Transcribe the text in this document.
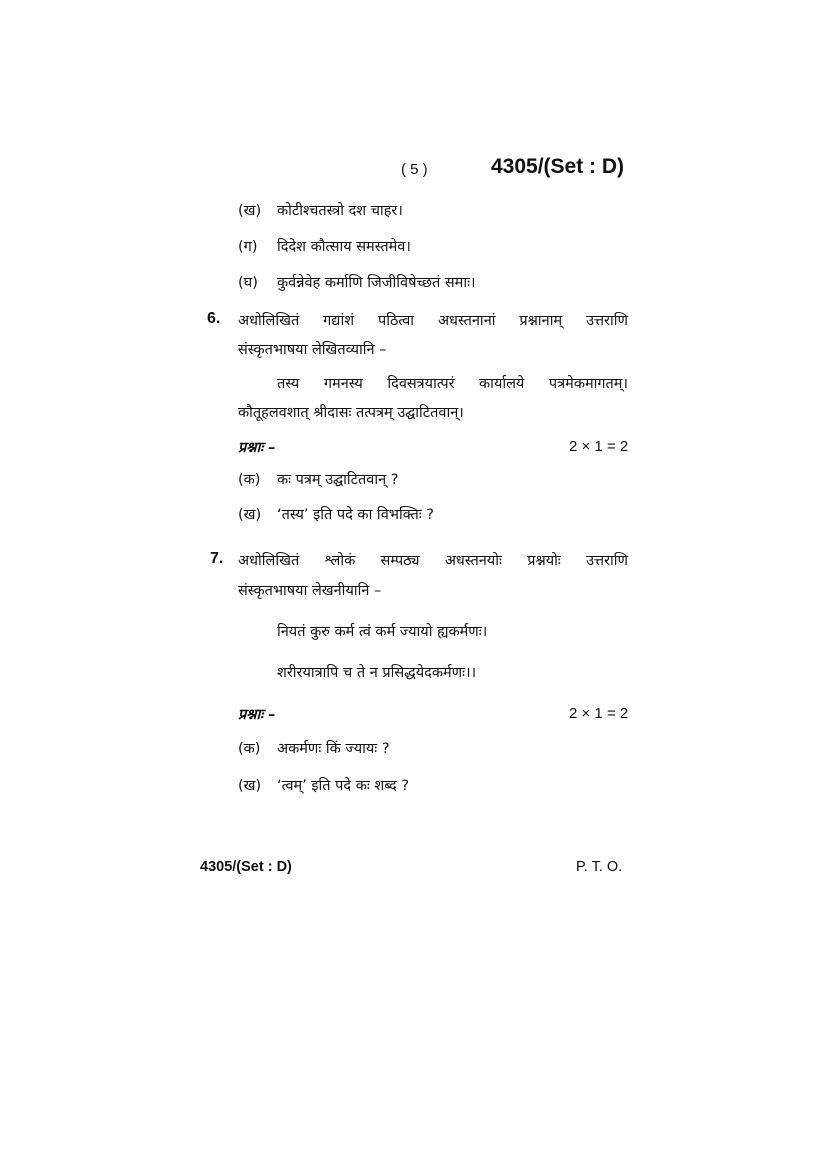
( 5 )	4305/(Set : D)
(ख) कोटीश्चतस्त्रो दश चाहर।
(ग) दिदेश कौत्साय समस्तमेव।
(घ) कुर्वन्नेवेह कर्माणि जिजीविषेच्छतं समाः।
6. अधोलिखितं गद्यांशं पठित्वा अधस्तनानां प्रश्नानाम् उत्तराणि
संस्कृतभाषया लेखितव्यानि –
तस्य गमनस्य दिवसत्रयात्परं कार्यालये पत्रमेकमागतम्।
कौतूहलवशात् श्रीदासः तत्पत्रम् उद्घाटितवान्।
प्रश्नाः –	2 × 1 = 2
(क) कः पत्रम् उद्घाटितवान् ?
(ख) ‘तस्य’ इति पदे का विभक्तिः ?
7. अधोलिखितं श्लोकं सम्पठ्य अधस्तनयोः प्रश्नयोः उत्तराणि
संस्कृतभाषया लेखनीयानि –
नियतं कुरु कर्म त्वं कर्म ज्यायो ह्यकर्मणः।
शरीरयात्रापि च ते न प्रसिद्धयेदकर्मणः।।
प्रश्नाः –	2 × 1 = 2
(क) अकर्मणः किं ज्यायः ?
(ख) ‘त्वम्’ इति पदे कः शब्द ?
4305/(Set : D)	P. T. O.
